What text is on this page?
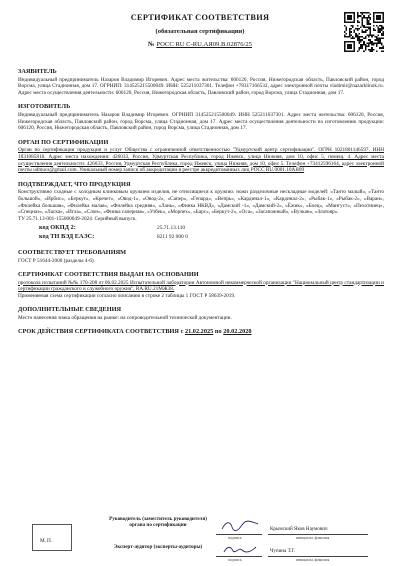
СЕРТИФИКАТ СООТВЕТСТВИЯ
(обязательная сертификация)
№ РОСС RU C-RU.АЯ09.В.02876/25
ЗАЯВИТЕЛЬ
Индивидуальный предприниматель Назаров Владимир Игоревич. Адрес места жительства: 606120, Россия, Нижегородская область, Павловский район, город Ворсма, улица Стадионная, дом 17. ОГРНИП: 314525215500049. ИНН: 525211037301. Телефон +78317166532, адрес электронной почты vladimir@nazarklinok.ru. Адрес места осуществления деятельности: 606120, Россия, Нижегородская область, Павловский район, город Ворсма, улица Стадионная, дом 17.
ИЗГОТОВИТЕЛЬ
Индивидуальный предприниматель Назаров Владимир Игоревич. ОГРНИП 314525215500049. ИНН 525211037301. Адрес места жительства: 606120, Россия, Нижегородская область, Павловский район, город Ворсма, улица Стадионная, дом 17. Адрес места осуществления деятельности по изготовлению продукции: 606120, Россия, Нижегородская область, Павловский район, город Ворсма, улица Стадионная, дом 17.
ОРГАН ПО СЕРТИФИКАЦИИ
Орган по сертификации продукции и услуг Общества с ограниченной ответственностью "Удмуртский центр сертификации". ОГРН 1021801146597. ИНН 1831085816. Адрес места нахождения: 426033, Россия, Удмуртская Республика, город Ижевск, улица Нижняя, дом 10, офис 5, помещ. 4. Адрес места осуществления деятельности: 426033, Россия, Удмуртская Республика, город Ижевск, улица Нижняя, дом 10, офис 5. Телефон +73412596164, адрес электронной почты udmucs@gmail.com. Уникальный номер записи об аккредитации в реестре аккредитованных лиц РОСС RU.0001.10АЯ09
ПОДТВЕРЖДАЕТ, ЧТО ПРОДУКЦИЯ
Конструктивно сходные с холодным клинковым оружием изделия, не относящиеся к оружию: ножи разделочные нескладные моделей: «Танто малый», «Танто большой», «Ирбис», «Беркут», «Кречет», «Овод-1», «Овод-2», «Сапер», «Гепард», «Вепрь», «Кардинал-1», «Кардинал-2», «Рыбак-1», «Рыбак-2», «Варан», «Филейка большая», «Филейка малая», «Филейка средняя», «Лань», «Финка НКВД», «Дамский -1», «Дамский-2», «Ёжик», «Боец», «Мангуст», «Пехотинец», «Спецназ», «Ласка», «Игла», «Слон», «Финка саперная», «Узбек», «Морпех», «Барс», «Беркут-2», «Оса», «Засапожный», «Вулкан», «Златояр».
ТУ 25.71.13-001-155000049-2024. Серийный выпуск.
код ОКПД 2:	25.71.13.110
код ТН ВЭД ЕАЭС:	8211 92 000 0
СООТВЕТСТВУЕТ ТРЕБОВАНИЯМ
ГОСТ Р 51644-2000 (разделы 4-6).
СЕРТИФИКАТ СООТВЕТСТВИЯ ВЫДАН НА ОСНОВАНИИ
протокола испытаний №№ 170-208 от 06.02.2025 Испытательной лаборатории Автономной некоммерческой организации "Национальный центр стандартизации и сертификации гражданского и служебного оружия", RA.RU.21МЖ38.
Применяемая схема сертификации согласно описанию в строке 2 таблицы 1 ГОСТ Р 58639-2019.
ДОПОЛНИТЕЛЬНЫЕ СВЕДЕНИЯ
Место нанесения знака обращения на рынке: на сопроводительной технической документации.
СРОК ДЕЙСТВИЯ СЕРТИФИКАТА СООТВЕТСТВИЯ с 21.02.2025 по 20.02.2028
М.П.
Руководитель (заместитель руководителя) органа по сертификации
подпись
Крымский Яков Наумович
инициалы, фамилия
Эксперт-аудитор (эксперты-аудиторы)
подпись
Чупина Т.Г.
инициалы, фамилия
